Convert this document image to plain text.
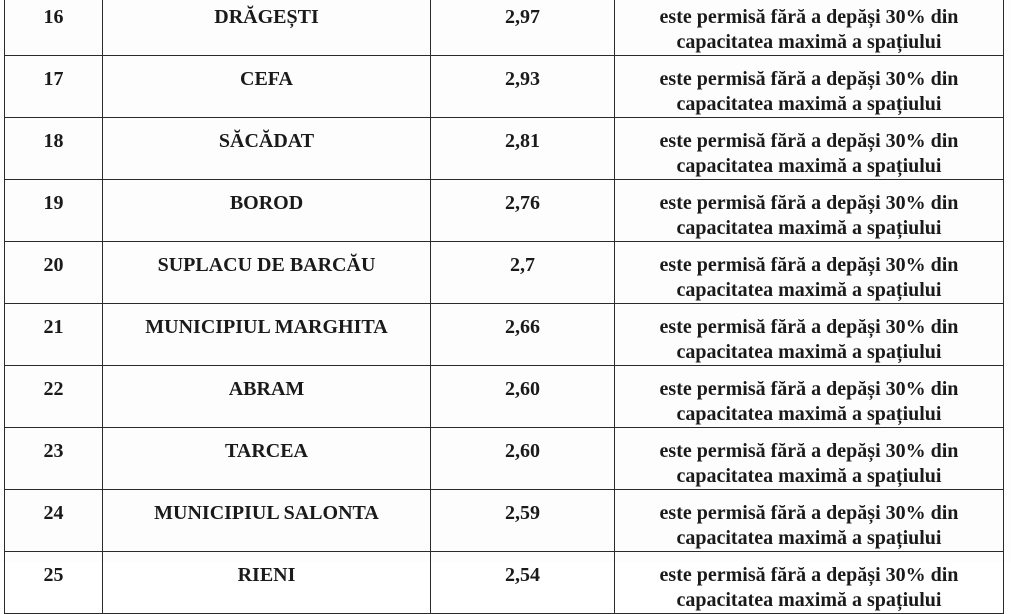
16	DRĂGEȘTI	2,97	este permisă fără a depăși 30% din capacitatea maximă a spațiului

17	CEFA	2,93	este permisă fără a depăși 30% din capacitatea maximă a spațiului

18	SĂCĂDAT	2,81	este permisă fără a depăși 30% din capacitatea maximă a spațiului

19	BOROD	2,76	este permisă fără a depăși 30% din capacitatea maximă a spațiului

20	SUPLACU DE BARCĂU	2,7	este permisă fără a depăși 30% din capacitatea maximă a spațiului

21	MUNICIPIUL MARGHITA	2,66	este permisă fără a depăși 30% din capacitatea maximă a spațiului

22	ABRAM	2,60	este permisă fără a depăși 30% din capacitatea maximă a spațiului

23	TARCEA	2,60	este permisă fără a depăși 30% din capacitatea maximă a spațiului

24	MUNICIPIUL SALONTA	2,59	este permisă fără a depăși 30% din capacitatea maximă a spațiului

25	RIENI	2,54	este permisă fără a depăși 30% din capacitatea maximă a spațiului
